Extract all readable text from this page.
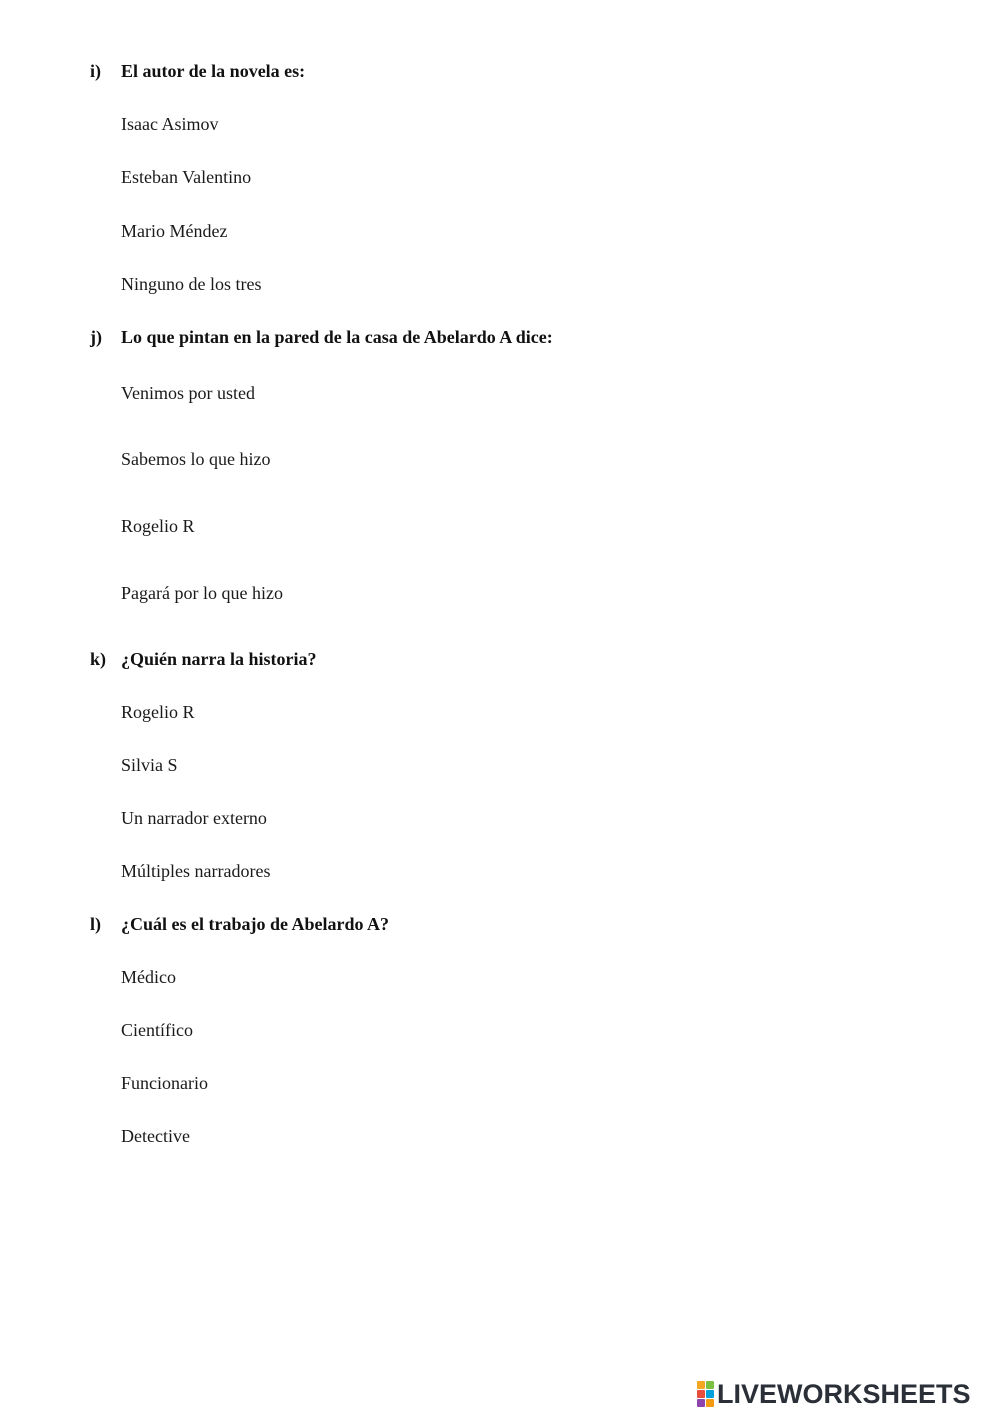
i) El autor de la novela es:
Isaac Asimov
Esteban Valentino
Mario Méndez
Ninguno de los tres
j) Lo que pintan en la pared de la casa de Abelardo A dice:
Venimos por usted
Sabemos lo que hizo
Rogelio R
Pagará por lo que hizo
k) ¿Quién narra la historia?
Rogelio R
Silvia S
Un narrador externo
Múltiples narradores
l) ¿Cuál es el trabajo de Abelardo A?
Médico
Científico
Funcionario
Detective
LIVEWORKSHEETS
